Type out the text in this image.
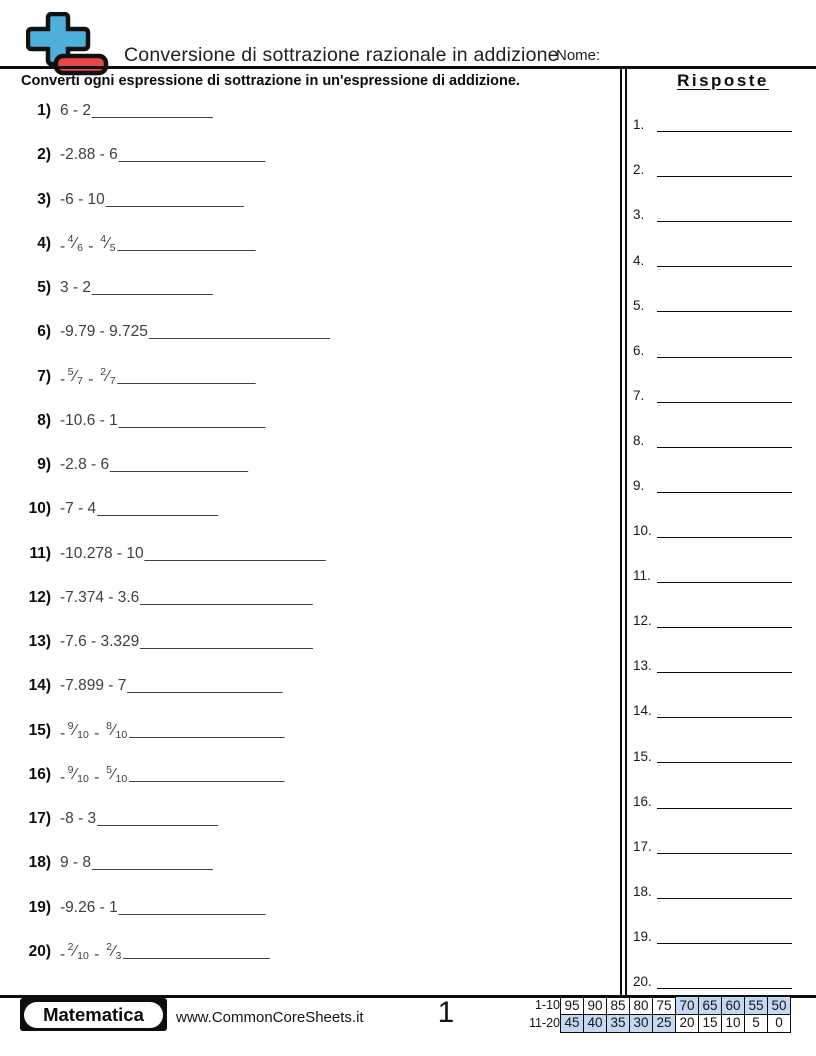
Conversione di sottrazione razionale in addizione
Nome:
Converti ogni espressione di sottrazione in un'espressione di addizione.	Risposte
1.
2.
3.
4.
5.
6.
7.
8.
9.
10.
11.
12.
13.
14.
15.
16.
17.
18.
19.
20.
1) 6 - 2 ______________
2) -2.88 - 6 _________________
3) -6 - 10 ________________
$4) - ^4⁄_6$ - $^4⁄_5$ ________________
5) 3 - 2 ______________
6) -9.79 - 9.725 _____________________
$7) - ^5⁄_7$ - $^2⁄_7$ ________________
8) -10.6 - 1 _________________
9) -2.8 - 6 ________________
10) -7 - 4 ______________
11) -10.278 - 10 _____________________
12) -7.374 - 3.6 ____________________
13) -7.6 - 3.329 ____________________
14) -7.899 - 7 __________________
$15) - ^9⁄_{10}$ - $^8⁄_{10}$ __________________
$16) - ^9⁄_{10}$ - $^5⁄_{10}$ __________________
17) -8 - 3 ______________
18) 9 - 8 ______________
19) -9.26 - 1 _________________
$20) - ^2⁄_{10}$ - $^2⁄_3$ _________________
Matematica	www.CommonCoreSheets.it	1	1-10	95	90	85	80	75	70	65	60	55	50
11-20	45	40	35	30	25	20	15	10	5	0
